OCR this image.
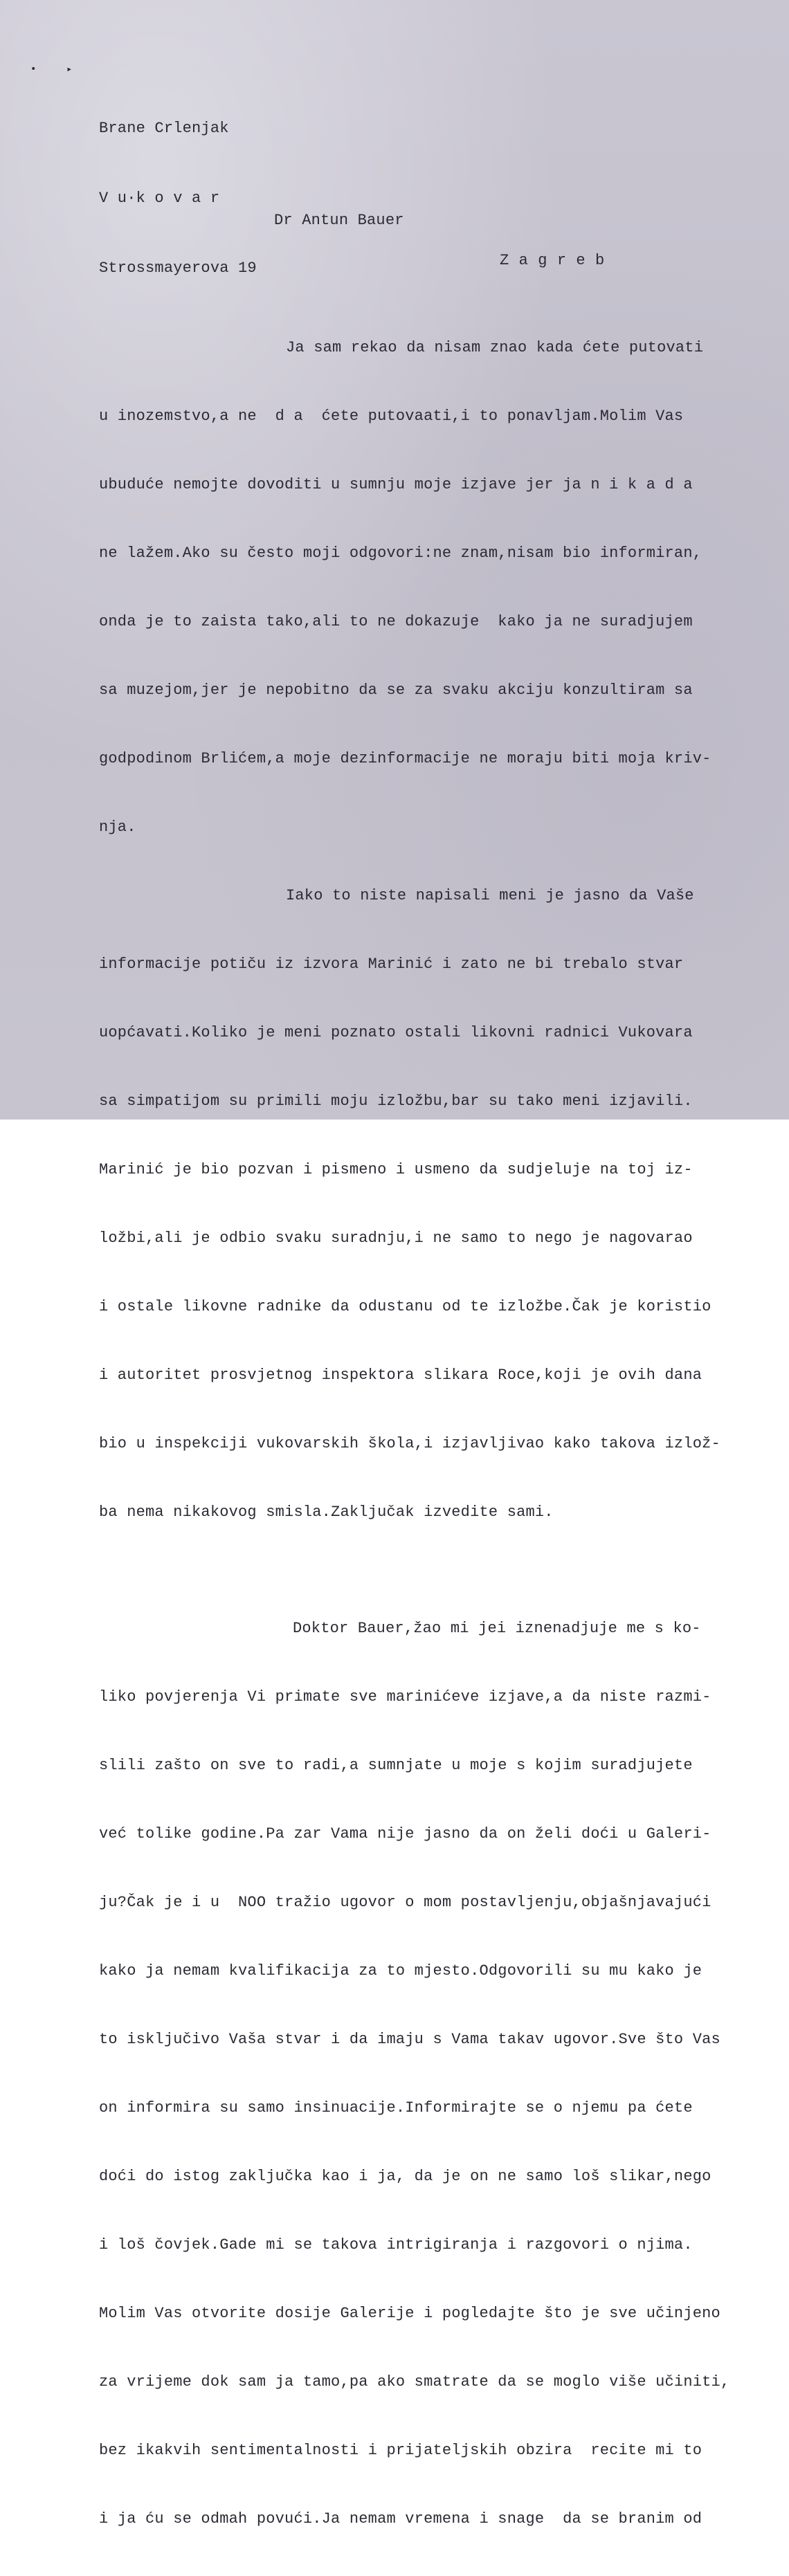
•	▸

Brane Crlenjak

V u·k o v a r

Strossmayerova 19

Dr Antun Bauer
Z a g r e b

Ja sam rekao da nisam znao kada ćete putovati

u inozemstvo,a ne  d a  ćete putovaati,i to ponavljam.Molim Vas

ubuduće nemojte dovoditi u sumnju moje izjave jer ja n i k a d a

ne lažem.Ako su često moji odgovori:ne znam,nisam bio informiran,

onda je to zaista tako,ali to ne dokazuje  kako ja ne suradjujem

sa muzejom,jer je nepobitno da se za svaku akciju konzultiram sa

godpodinom Brlićem,a moje dezinformacije ne moraju biti moja kriv-

nja.

Iako to niste napisali meni je jasno da Vaše

informacije potiču iz izvora Marinić i zato ne bi trebalo stvar

uopćavati.Koliko je meni poznato ostali likovni radnici Vukovara

sa simpatijom su primili moju izložbu,bar su tako meni izjavili.

Marinić je bio pozvan i pismeno i usmeno da sudjeluje na toj iz-

ložbi,ali je odbio svaku suradnju,i ne samo to nego je nagovarao

i ostale likovne radnike da odustanu od te izložbe.Čak je koristio

i autoritet prosvjetnog inspektora slikara Roce,koji je ovih dana

bio u inspekciji vukovarskih škola,i izjavljivao kako takova izlož-

ba nema nikakovog smisla.Zaključak izvedite sami.

Doktor Bauer,žao mi jei iznenadjuje me s ko-

liko povjerenja Vi primate sve marinićeve izjave,a da niste razmi-

slili zašto on sve to radi,a sumnjate u moje s kojim suradjujete

već tolike godine.Pa zar Vama nije jasno da on želi doći u Galeri-

ju?Čak je i u  NOO tražio ugovor o mom postavljenju,objašnjavajući

kako ja nemam kvalifikacija za to mjesto.Odgovorili su mu kako je

to isključivo Vaša stvar i da imaju s Vama takav ugovor.Sve što Vas

on informira su samo insinuacije.Informirajte se o njemu pa ćete

doći do istog zaključka kao i ja, da je on ne samo loš slikar,nego

i loš čovjek.Gade mi se takova intrigiranja i razgovori o njima.

Molim Vas otvorite dosije Galerije i pogledajte što je sve učinjeno

za vrijeme dok sam ja tamo,pa ako smatrate da se moglo više učiniti,

bez ikakvih sentimentalnosti i prijateljskih obzira  recite mi to

i ja ću se odmah povući.Ja nemam vremena i snage  da se branim od
